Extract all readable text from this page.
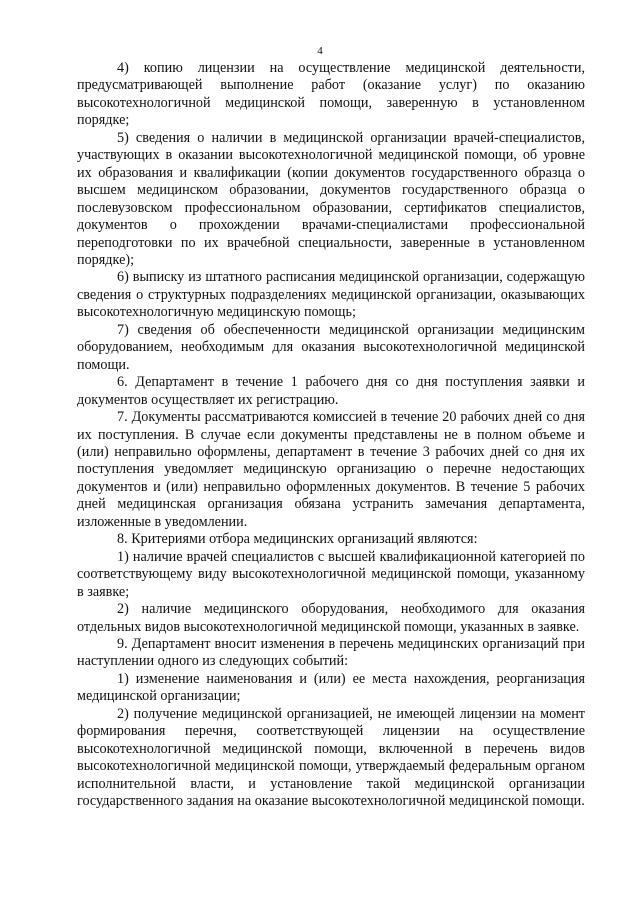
4

4) копию лицензии на осуществление медицинской деятельности, предусматривающей выполнение работ (оказание услуг) по оказанию высокотехнологичной медицинской помощи, заверенную в установленном порядке;

5) сведения о наличии в медицинской организации врачей-специалистов, участвующих в оказании высокотехнологичной медицинской помощи, об уровне их образования и квалификации (копии документов государственного образца о высшем медицинском образовании, документов государственного образца о послевузовском профессиональном образовании, сертификатов специалистов, документов о прохождении врачами-специалистами профессиональной переподготовки по их врачебной специальности, заверенные в установленном порядке);

6) выписку из штатного расписания медицинской организации, содержащую сведения о структурных подразделениях медицинской организации, оказывающих высокотехнологичную медицинскую помощь;

7) сведения об обеспеченности медицинской организации медицинским оборудованием, необходимым для оказания высокотехнологичной медицинской помощи.

6. Департамент в течение 1 рабочего дня со дня поступления заявки и документов осуществляет их регистрацию.

7. Документы рассматриваются комиссией в течение 20 рабочих дней со дня их поступления. В случае если документы представлены не в полном объеме и (или) неправильно оформлены, департамент в течение 3 рабочих дней со дня их поступления уведомляет медицинскую организацию о перечне недостающих документов и (или) неправильно оформленных документов. В течение 5 рабочих дней медицинская организация обязана устранить замечания департамента, изложенные в уведомлении.

8. Критериями отбора медицинских организаций являются:

1) наличие врачей специалистов с высшей квалификационной категорией по соответствующему виду высокотехнологичной медицинской помощи, указанному в заявке;

2) наличие медицинского оборудования, необходимого для оказания отдельных видов высокотехнологичной медицинской помощи, указанных в заявке.

9. Департамент вносит изменения в перечень медицинских организаций при наступлении одного из следующих событий:

1) изменение наименования и (или) ее места нахождения, реорганизация медицинской организации;

2) получение медицинской организацией, не имеющей лицензии на момент формирования перечня, соответствующей лицензии на осуществление высокотехнологичной медицинской помощи, включенной в перечень видов высокотехнологичной медицинской помощи, утверждаемый федеральным органом исполнительной власти, и установление такой медицинской организации государственного задания на оказание высокотехнологичной медицинской помощи.
